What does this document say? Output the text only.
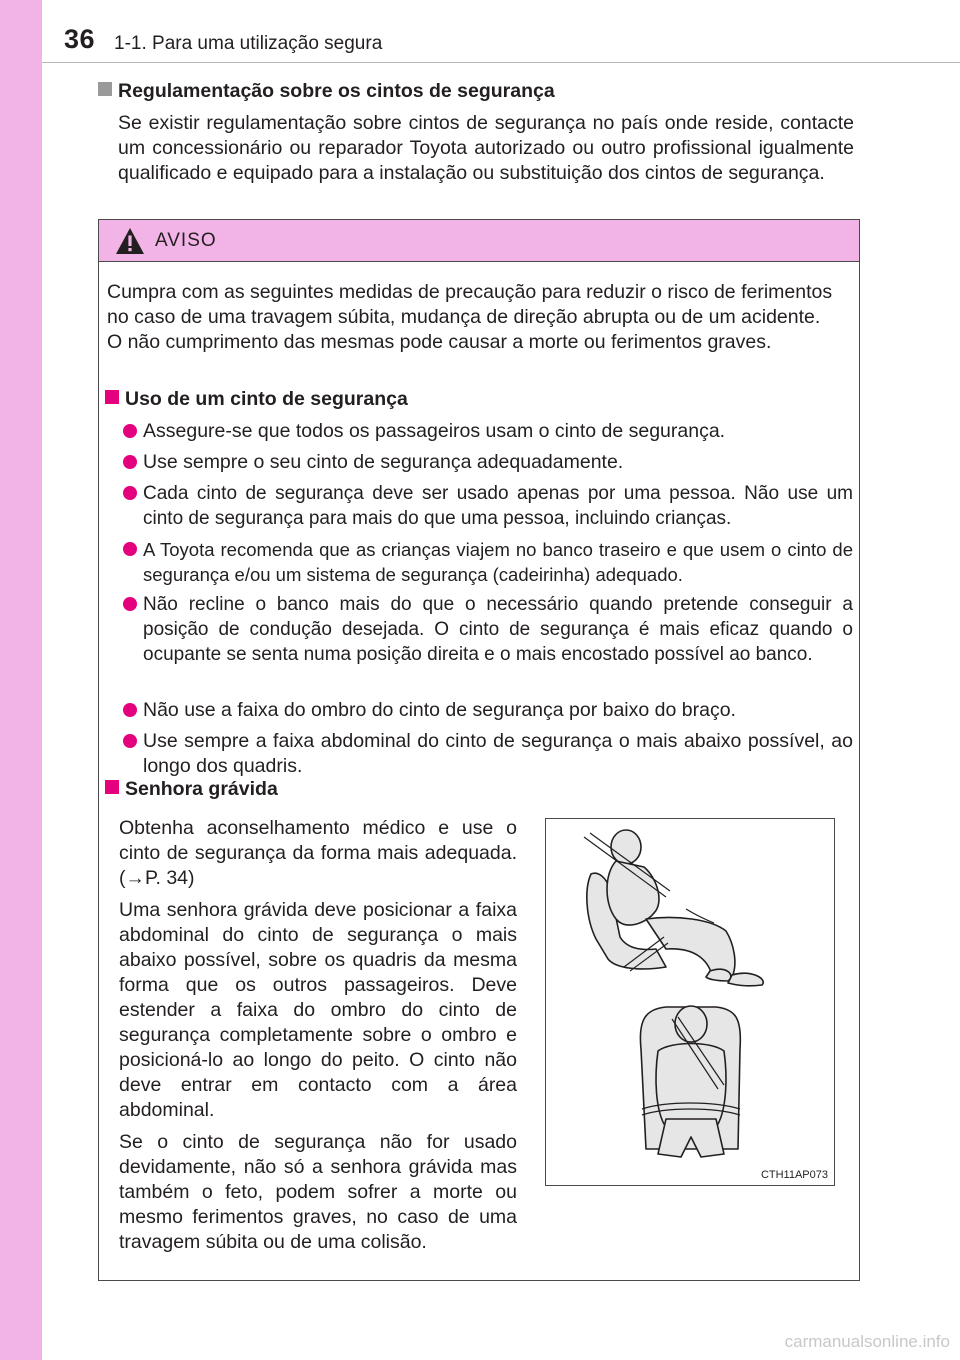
36 1-1. Para uma utilização segura
Regulamentação sobre os cintos de segurança

Se existir regulamentação sobre cintos de segurança no país onde reside, contacte um concessionário ou reparador Toyota autorizado ou outro profissional igualmente qualificado e equipado para a instalação ou substituição dos cintos de segurança.

AVISO

Cumpra com as seguintes medidas de precaução para reduzir o risco de ferimentos no caso de uma travagem súbita, mudança de direção abrupta ou de um acidente.

O não cumprimento das mesmas pode causar a morte ou ferimentos graves.

Uso de um cinto de segurança
Assegure-se que todos os passageiros usam o cinto de segurança.
Use sempre o seu cinto de segurança adequadamente.
Cada cinto de segurança deve ser usado apenas por uma pessoa. Não use um cinto de segurança para mais do que uma pessoa, incluindo crianças.
A Toyota recomenda que as crianças viajem no banco traseiro e que usem o cinto de segurança e/ou um sistema de segurança (cadeirinha) adequado.
Não recline o banco mais do que o necessário quando pretende conseguir a posição de condução desejada. O cinto de segurança é mais eficaz quando o ocupante se senta numa posição direita e o mais encostado possível ao banco.
Não use a faixa do ombro do cinto de segurança por baixo do braço.
Use sempre a faixa abdominal do cinto de segurança o mais abaixo possível, ao longo dos quadris.
Senhora grávida

Obtenha aconselhamento médico e use o cinto de segurança da forma mais adequada. (→P. 34)

Uma senhora grávida deve posicionar a faixa abdominal do cinto de segurança o mais abaixo possível, sobre os quadris da mesma forma que os outros passageiros. Deve estender a faixa do ombro do cinto de segurança completamente sobre o ombro e posicioná-lo ao longo do peito. O cinto não deve entrar em contacto com a área abdominal.

Se o cinto de segurança não for usado devidamente, não só a senhora grávida mas também o feto, podem sofrer a morte ou mesmo ferimentos graves, no caso de uma travagem súbita ou de uma colisão.

CTH11AP073
carmanualsonline.info
